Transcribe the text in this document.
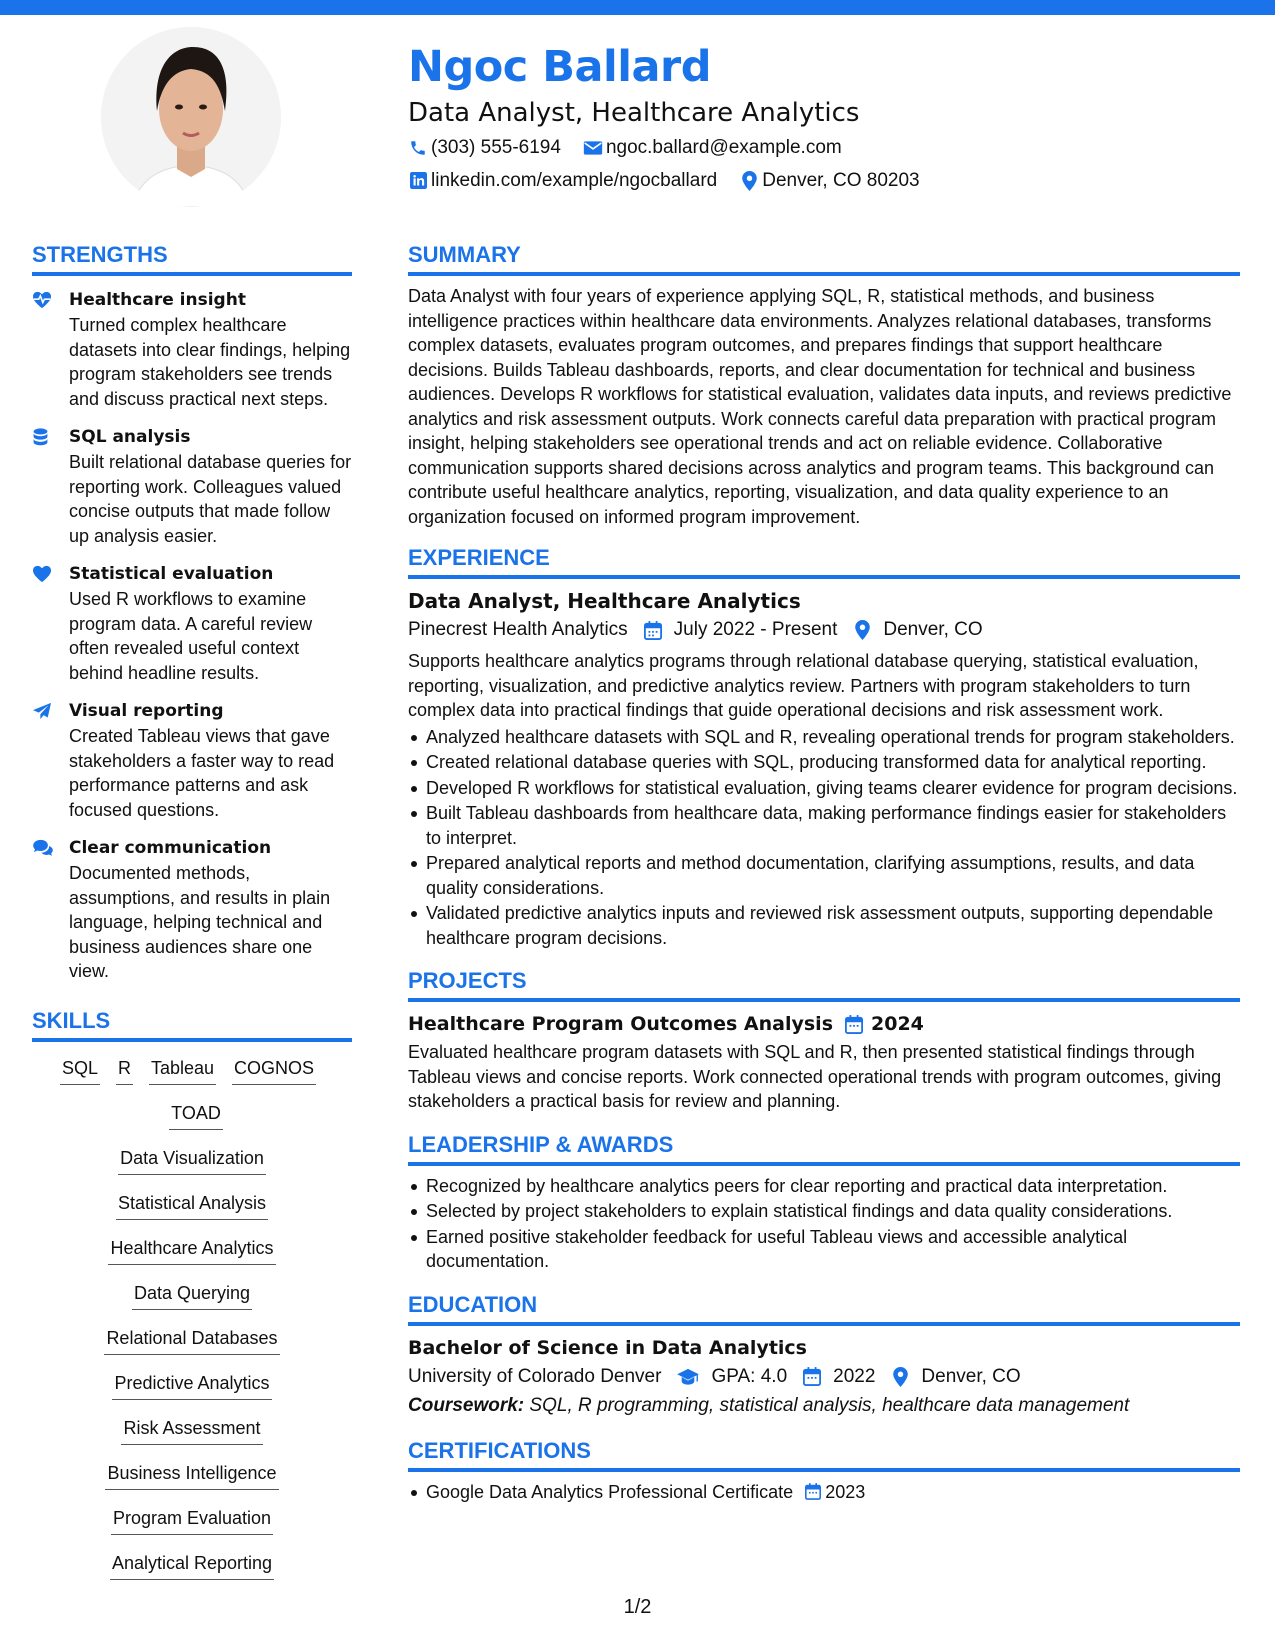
Ngoc Ballard
Data Analyst, Healthcare Analytics
(303) 555-6194 ngoc.ballard@example.com
linkedin.com/example/ngocballard Denver, CO 80203
STRENGTHS
Healthcare insight
Turned complex healthcare datasets into clear findings, helping program stakeholders see trends and discuss practical next steps.
SQL analysis
Built relational database queries for reporting work. Colleagues valued concise outputs that made follow up analysis easier.
Statistical evaluation
Used R workflows to examine program data. A careful review often revealed useful context behind headline results.
Visual reporting
Created Tableau views that gave stakeholders a faster way to read performance patterns and ask focused questions.
Clear communication
Documented methods, assumptions, and results in plain language, helping technical and business audiences share one view.
SKILLS
SQL R Tableau COGNOS
TOAD
Data Visualization
Statistical Analysis
Healthcare Analytics
Data Querying
Relational Databases
Predictive Analytics
Risk Assessment
Business Intelligence
Program Evaluation
Analytical Reporting
SUMMARY
Data Analyst with four years of experience applying SQL, R, statistical methods, and business intelligence practices within healthcare data environments. Analyzes relational databases, transforms complex datasets, evaluates program outcomes, and prepares findings that support healthcare decisions. Builds Tableau dashboards, reports, and clear documentation for technical and business audiences. Develops R workflows for statistical evaluation, validates data inputs, and reviews predictive analytics and risk assessment outputs. Work connects careful data preparation with practical program insight, helping stakeholders see operational trends and act on reliable evidence. Collaborative communication supports shared decisions across analytics and program teams. This background can contribute useful healthcare analytics, reporting, visualization, and data quality experience to an organization focused on informed program improvement.
EXPERIENCE
Data Analyst, Healthcare Analytics
Pinecrest Health Analytics July 2022 - Present Denver, CO
Supports healthcare analytics programs through relational database querying, statistical evaluation, reporting, visualization, and predictive analytics review. Partners with program stakeholders to turn complex data into practical findings that guide operational decisions and risk assessment work.
Analyzed healthcare datasets with SQL and R, revealing operational trends for program stakeholders.
Created relational database queries with SQL, producing transformed data for analytical reporting.
Developed R workflows for statistical evaluation, giving teams clearer evidence for program decisions.
Built Tableau dashboards from healthcare data, making performance findings easier for stakeholders to interpret.
Prepared analytical reports and method documentation, clarifying assumptions, results, and data quality considerations.
Validated predictive analytics inputs and reviewed risk assessment outputs, supporting dependable healthcare program decisions.
PROJECTS
Healthcare Program Outcomes Analysis 2024
Evaluated healthcare program datasets with SQL and R, then presented statistical findings through Tableau views and concise reports. Work connected operational trends with program outcomes, giving stakeholders a practical basis for review and planning.
LEADERSHIP & AWARDS
Recognized by healthcare analytics peers for clear reporting and practical data interpretation.
Selected by project stakeholders to explain statistical findings and data quality considerations.
Earned positive stakeholder feedback for useful Tableau views and accessible analytical documentation.
EDUCATION
Bachelor of Science in Data Analytics
University of Colorado Denver	GPA: 4.0 2022 Denver, CO
Coursework: SQL, R programming, statistical analysis, healthcare data management
CERTIFICATIONS
Google Data Analytics Professional Certificate 2023
1/2
